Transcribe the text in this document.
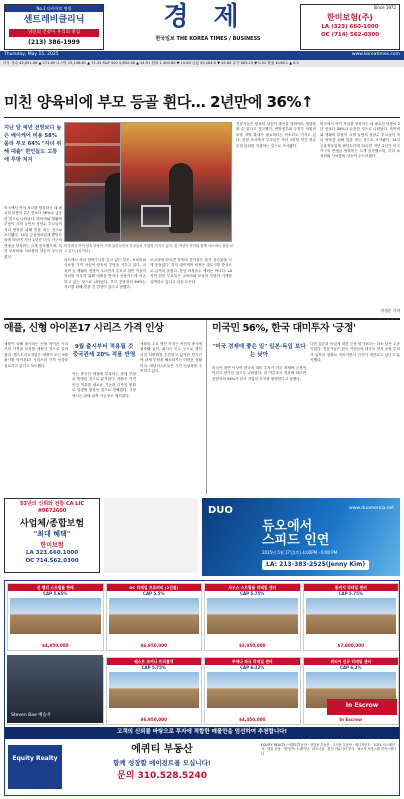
No.1 다이어트 병원
센트레비클리닉
당신의 건강이 우리의 중심
(213) 386-1999
경 제
한국일보 THE KOREA TIMES / BUSINESS
Since 1972
한미보험(주)
LA (323) 660-1000
OC (714) 562-0300
Thursday, May 15, 2025	www.koreatimes.com
다우 지수 42,051.06 ▲ 271.69 나스닥 19,146.81 ▲ 72.31 S&P 500 5,892.58 ▲ 24.91 원화 1,400.80 ▼ 15.60 금값 $3,184.0 ▼ 45.80 유가 $63.15 ▼ 0.52 환율 ¥146.1 ▲ 0.3
미친 양육비에 부모 등골 휜다… 2년만에 36%↑
지난 달 예년 전망보다 높은 베이케어 비용 58% 올라 부모 64% "자녀 위해 대출" 한인들도 고통에 무방 처지
미국에서 아이 양육 비용이 크게 늘어나면서 부모들의 부담이 커지고 있다. 한 여성이 아이와 함께 마트에서 장을 보고 있다. [로이터]
미국에서 아이 자녀를 양육하는 데 필요한 비용이 2년 전보다 36%나 급증한 것으로 나타났다. 육아비와 생활비 부담이 크게 늘면서 상당수 부모들이 자녀 양육을 위해 빚을 내는 것으로 조사됐다. 14일 금융정보업체 렌딩트리에 따르면 지난 2년간 미국 가구의 연평균 양육비는 크게 증가했으며, 특히 보육비와 식료품비 상승이 두드러졌다.
마트에서 자녀 장바구니를 끌고 있는 부모. 보육비와 식료품 가격 상승이 양육비 부담을 키우고 있다. 교육비 등 생활비 전반이 오르면서 부모의 절반 이상이 자녀를 키우기 위해 대출을 받거나 신용카드에 의존하고 있는 것으로 나타났다. 부모 응답자의 64%는 자녀를 위해 빚을 진 경험이 있다고 답했다.
보고서에 따르면 양육비 증가율은 물가 상승률을 크게 웃돌았다. 특히 데이케어 비용은 대도시를 중심으로 급격히 올랐다. 한인 가정들도 예외는 아니다. LA 지역 한인 부모들은 교육비와 보육비 부담이 가계를 압박하고 있다고 입을 모은다.
전문가들은 양육비 상승이 출산율 하락에도 영향을 줄 수 있다고 경고했다. 연방정부와 주정부 차원의 보육 지원 확대가 필요하다는 목소리도 커지고 있다. 한편 조사에서 부모들은 자녀 1명당 연간 평균 수만 달러를 지출하는 것으로 조사됐다.
미국에서 아이 자녀를 양육하는 데 필요한 비용이 2년 전보다 36%나 급증한 것으로 나타났다. 육아비와 생활비 부담이 크게 늘면서 상당수 부모들이 자녀 양육을 위해 빚을 내는 것으로 조사됐다. 14일 금융정보업체 렌딩트리에 따르면 지난 2년간 미국 가구의 연평균 양육비는 크게 증가했으며, 특히 보육비와 식료품비 상승이 두드러졌다.
이경운 기자
애플, 신형 아이폰17 시리즈 가격 인상
애플이 올해 출시하는 신형 아이폰 시리즈의 가격을 인상할 계획인 것으로 알려졌다. 월스트리트저널은 애플이 오는 9월 출시할 아이폰17 시리즈의 가격 인상을 검토하고 있다고 보도했다.
9월 출시부터 적용될 것 중국관세 20% 적용 반영
이는 중국산 제품에 부과되는 관세 부담을 반영한 것으로 분석된다. 애플은 가격 인상 이유를 새로운 기능과 디자인 변화로 설명할 방침인 것으로 전해졌다. 시장에서는 판매 위축 가능성도 제기된다.
애플의 주요 생산 기지는 여전히 중국에 집중돼 있다. 회사는 인도 등으로 생산 거점 다변화를 추진하고 있지만 단기간에 관세 부담을 해소하기는 어려운 상황이다. 애널리스트들은 가격 인상폭을 주목하고 있다.
미국민 56%, 한국 대미투자 '긍정'
"미국 경제에 좋은 일" 일본·독일 보다는 낮아
미국인 절반 이상이 한국의 대미 투자가 미국 경제에 긍정적이라고 평가한 것으로 나타났다. 한 여론조사 결과에 따르면 응답자의 56%가 한국 기업의 투자를 환영한다고 답했다.
다만 일본과 독일에 대한 긍정 평가보다는 다소 낮은 수준이었다. 전문가들은 한국 기업들의 대규모 현지 공장 투자가 일자리 창출로 이어지면서 인식이 개선되고 있다고 분석했다.
53년의 신뢰와 전통 CA LIC #0672600
사업체/종합보험
"최대 혜택"
한미보험
LA 323.660.1000
OC 714.562.0300
DUO	www.duomerica.net
듀오에서
스피드 인연
2025년 5월 17일(토) 4:00PM - 6:00 PM
LA: 213-383-2525(Jenny Kim)
선 밸리 스트립몰 판매
CAP 5.65%
$4,850,000
OC 리테일 프로퍼티 (2건물)
CAP 5.5%
$6,950,000
사우스 스트립몰 리테일 센터
CAP 5.75%
$3,950,000
롱비치 리테일 센터
CAP 5.75%
$7,800,000
웨스트 코비나 트리플넷
CAP 5.75%
$6,950,000
부에나 파크 리테일 센터
CAP 6.32%
$4,450,000
위티어 신규 리테일 센터
CAP 6.2%
In Escrow
Steven Bae 배승우
In Escrow
고객의 신뢰를 바탕으로 투자에 적합한 매물만을 엄선하여 추천합니다!
Equity Realty
에퀴티 부동산
함께 성장할 에이전트를 모십니다!
문의 310.528.5240
EQUITY REALTY / 에퀴티부동산 · 상업용 부동산 · 주거용 부동산 · 매니지먼트 · 1031 익스체인지 · 대출 상담 · 에이전트 트레이닝 · 파트너십 · 한인 커뮤니티 봉사 · 최고의 서비스를 약속드립니다
